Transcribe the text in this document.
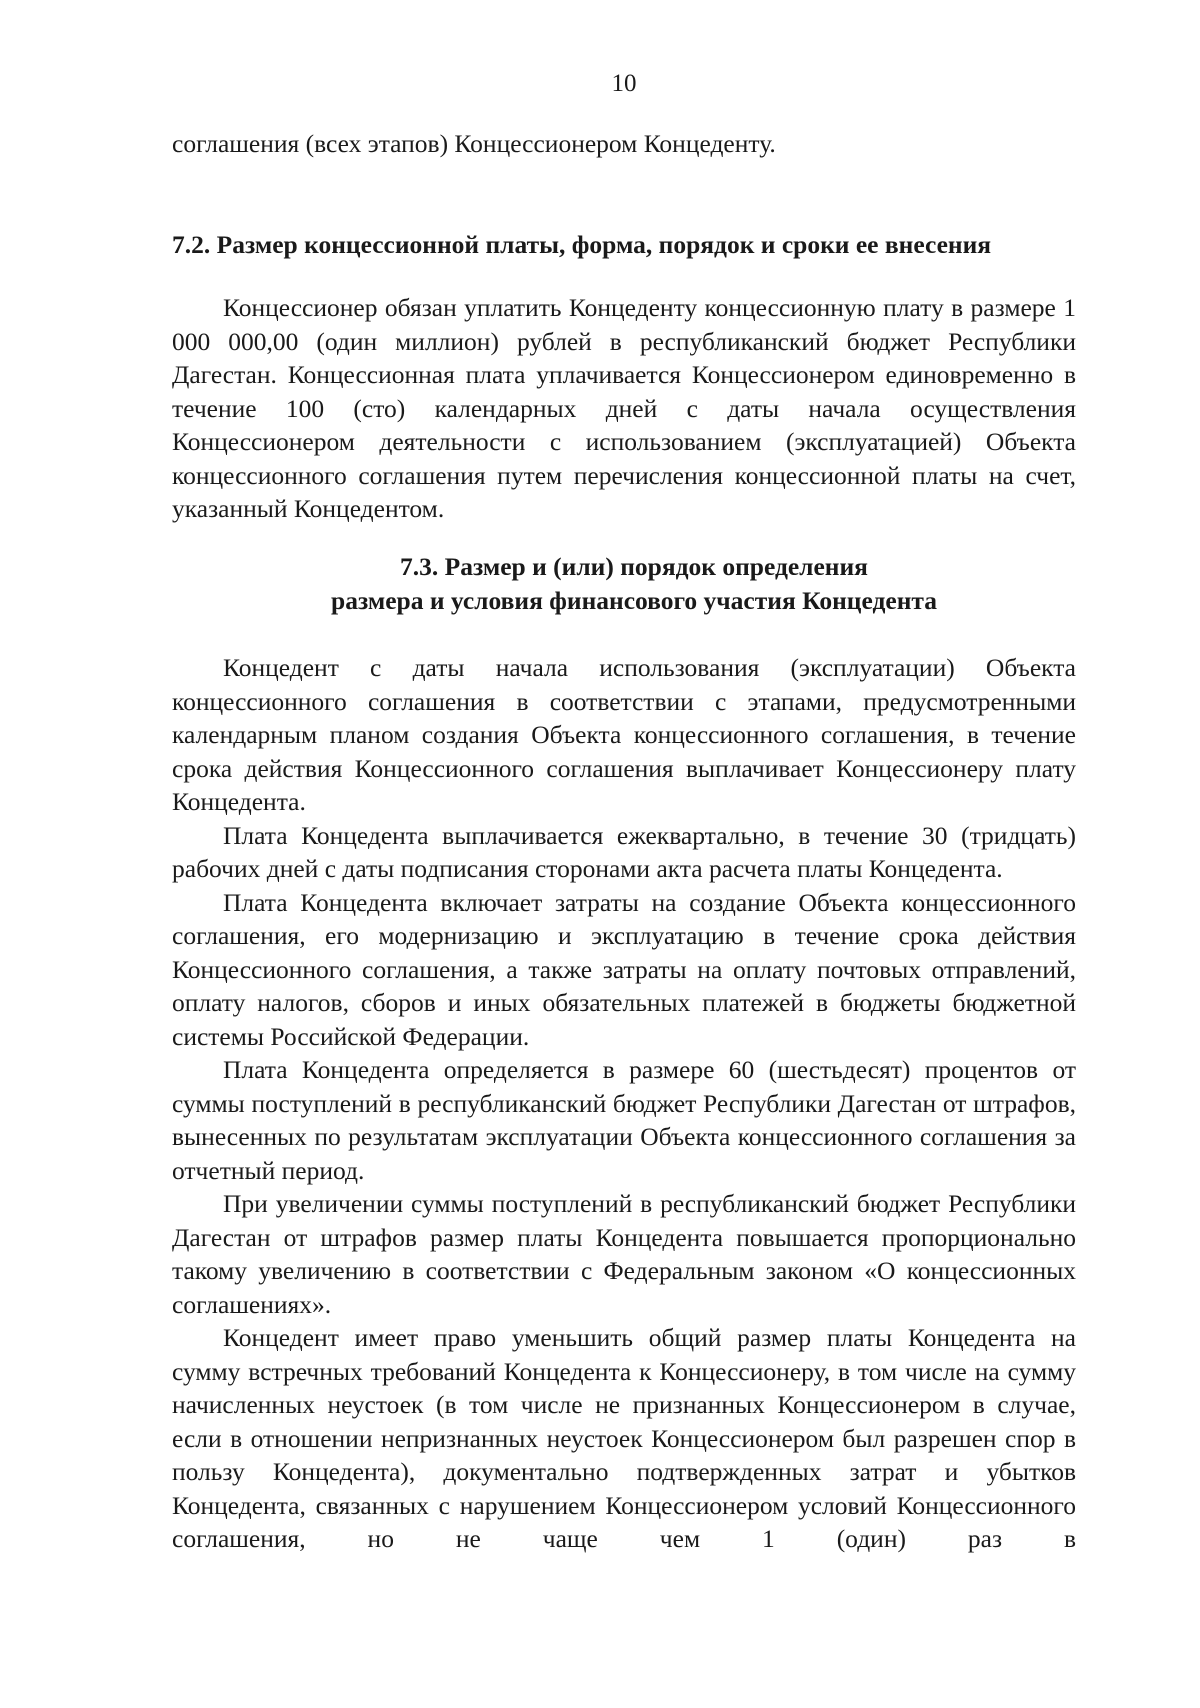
10

соглашения (всех этапов) Концессионером Концеденту.

7.2. Размер концессионной платы, форма, порядок и сроки ее внесения

Концессионер обязан уплатить Концеденту концессионную плату в размере 1 000 000,00 (один миллион) рублей в республиканский бюджет Республики Дагестан. Концессионная плата уплачивается Концессионером единовременно в течение 100 (сто) календарных дней с даты начала осуществления Концессионером деятельности с использованием (эксплуатацией) Объекта концессионного соглашения путем перечисления концессионной платы на счет, указанный Концедентом.

7.3. Размер и (или) порядок определения
размера и условия финансового участия Концедента

Концедент с даты начала использования (эксплуатации) Объекта концессионного соглашения в соответствии с этапами, предусмотренными календарным планом создания Объекта концессионного соглашения, в течение срока действия Концессионного соглашения выплачивает Концессионеру плату Концедента.

Плата Концедента выплачивается ежеквартально, в течение 30 (тридцать) рабочих дней с даты подписания сторонами акта расчета платы Концедента.

Плата Концедента включает затраты на создание Объекта концессионного соглашения, его модернизацию и эксплуатацию в течение срока действия Концессионного соглашения, а также затраты на оплату почтовых отправлений, оплату налогов, сборов и иных обязательных платежей в бюджеты бюджетной системы Российской Федерации.

Плата Концедента определяется в размере 60 (шестьдесят) процентов от суммы поступлений в республиканский бюджет Республики Дагестан от штрафов, вынесенных по результатам эксплуатации Объекта концессионного соглашения за отчетный период.

При увеличении суммы поступлений в республиканский бюджет Республики Дагестан от штрафов размер платы Концедента повышается пропорционально такому увеличению в соответствии с Федеральным законом «О концессионных соглашениях».

Концедент имеет право уменьшить общий размер платы Концедента на сумму встречных требований Концедента к Концессионеру, в том числе на сумму начисленных неустоек (в том числе не признанных Концессионером в случае, если в отношении непризнанных неустоек Концессионером был разрешен спор в пользу Концедента), документально подтвержденных затрат и убытков Концедента, связанных с нарушением Концессионером условий Концессионного соглашения, но не чаще чем 1 (один) раз в
